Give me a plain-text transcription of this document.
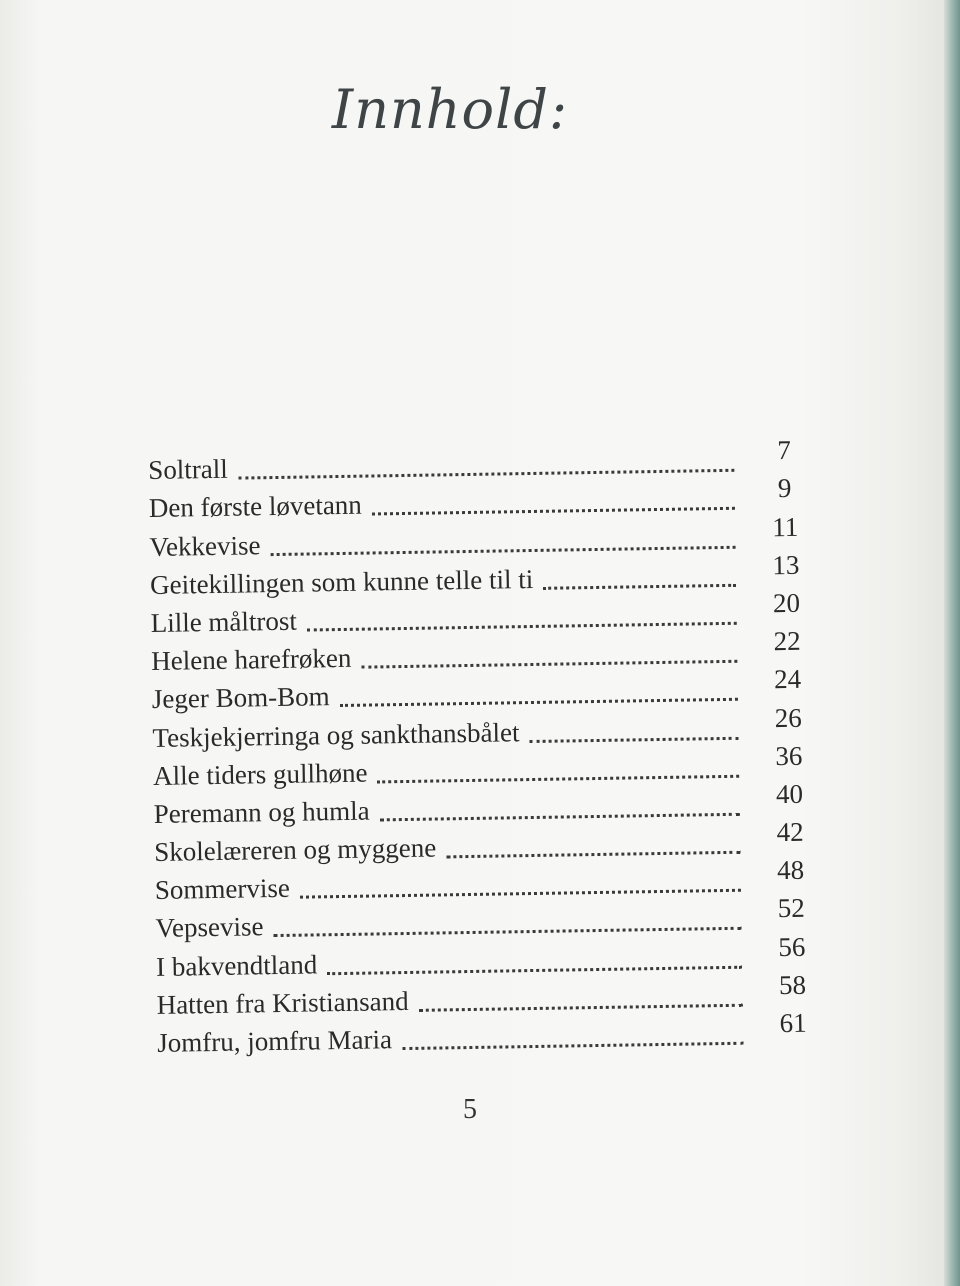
Innhold:
Soltrall
7
Den første løvetann
9
Vekkevise
11
Geitekillingen som kunne telle til ti	13
Lille måltrost
20
Helene harefrøken
22
Jeger Bom-Bom
24
Teskjekjerringa og sankthansbålet	26
Alle tiders gullhøne
36
Peremann og humla
40
Skolelæreren og myggene
42
Sommervise
48
Vepsevise
52
I bakvendtland
56
Hatten fra Kristiansand
58
Jomfru, jomfru Maria
61
5
